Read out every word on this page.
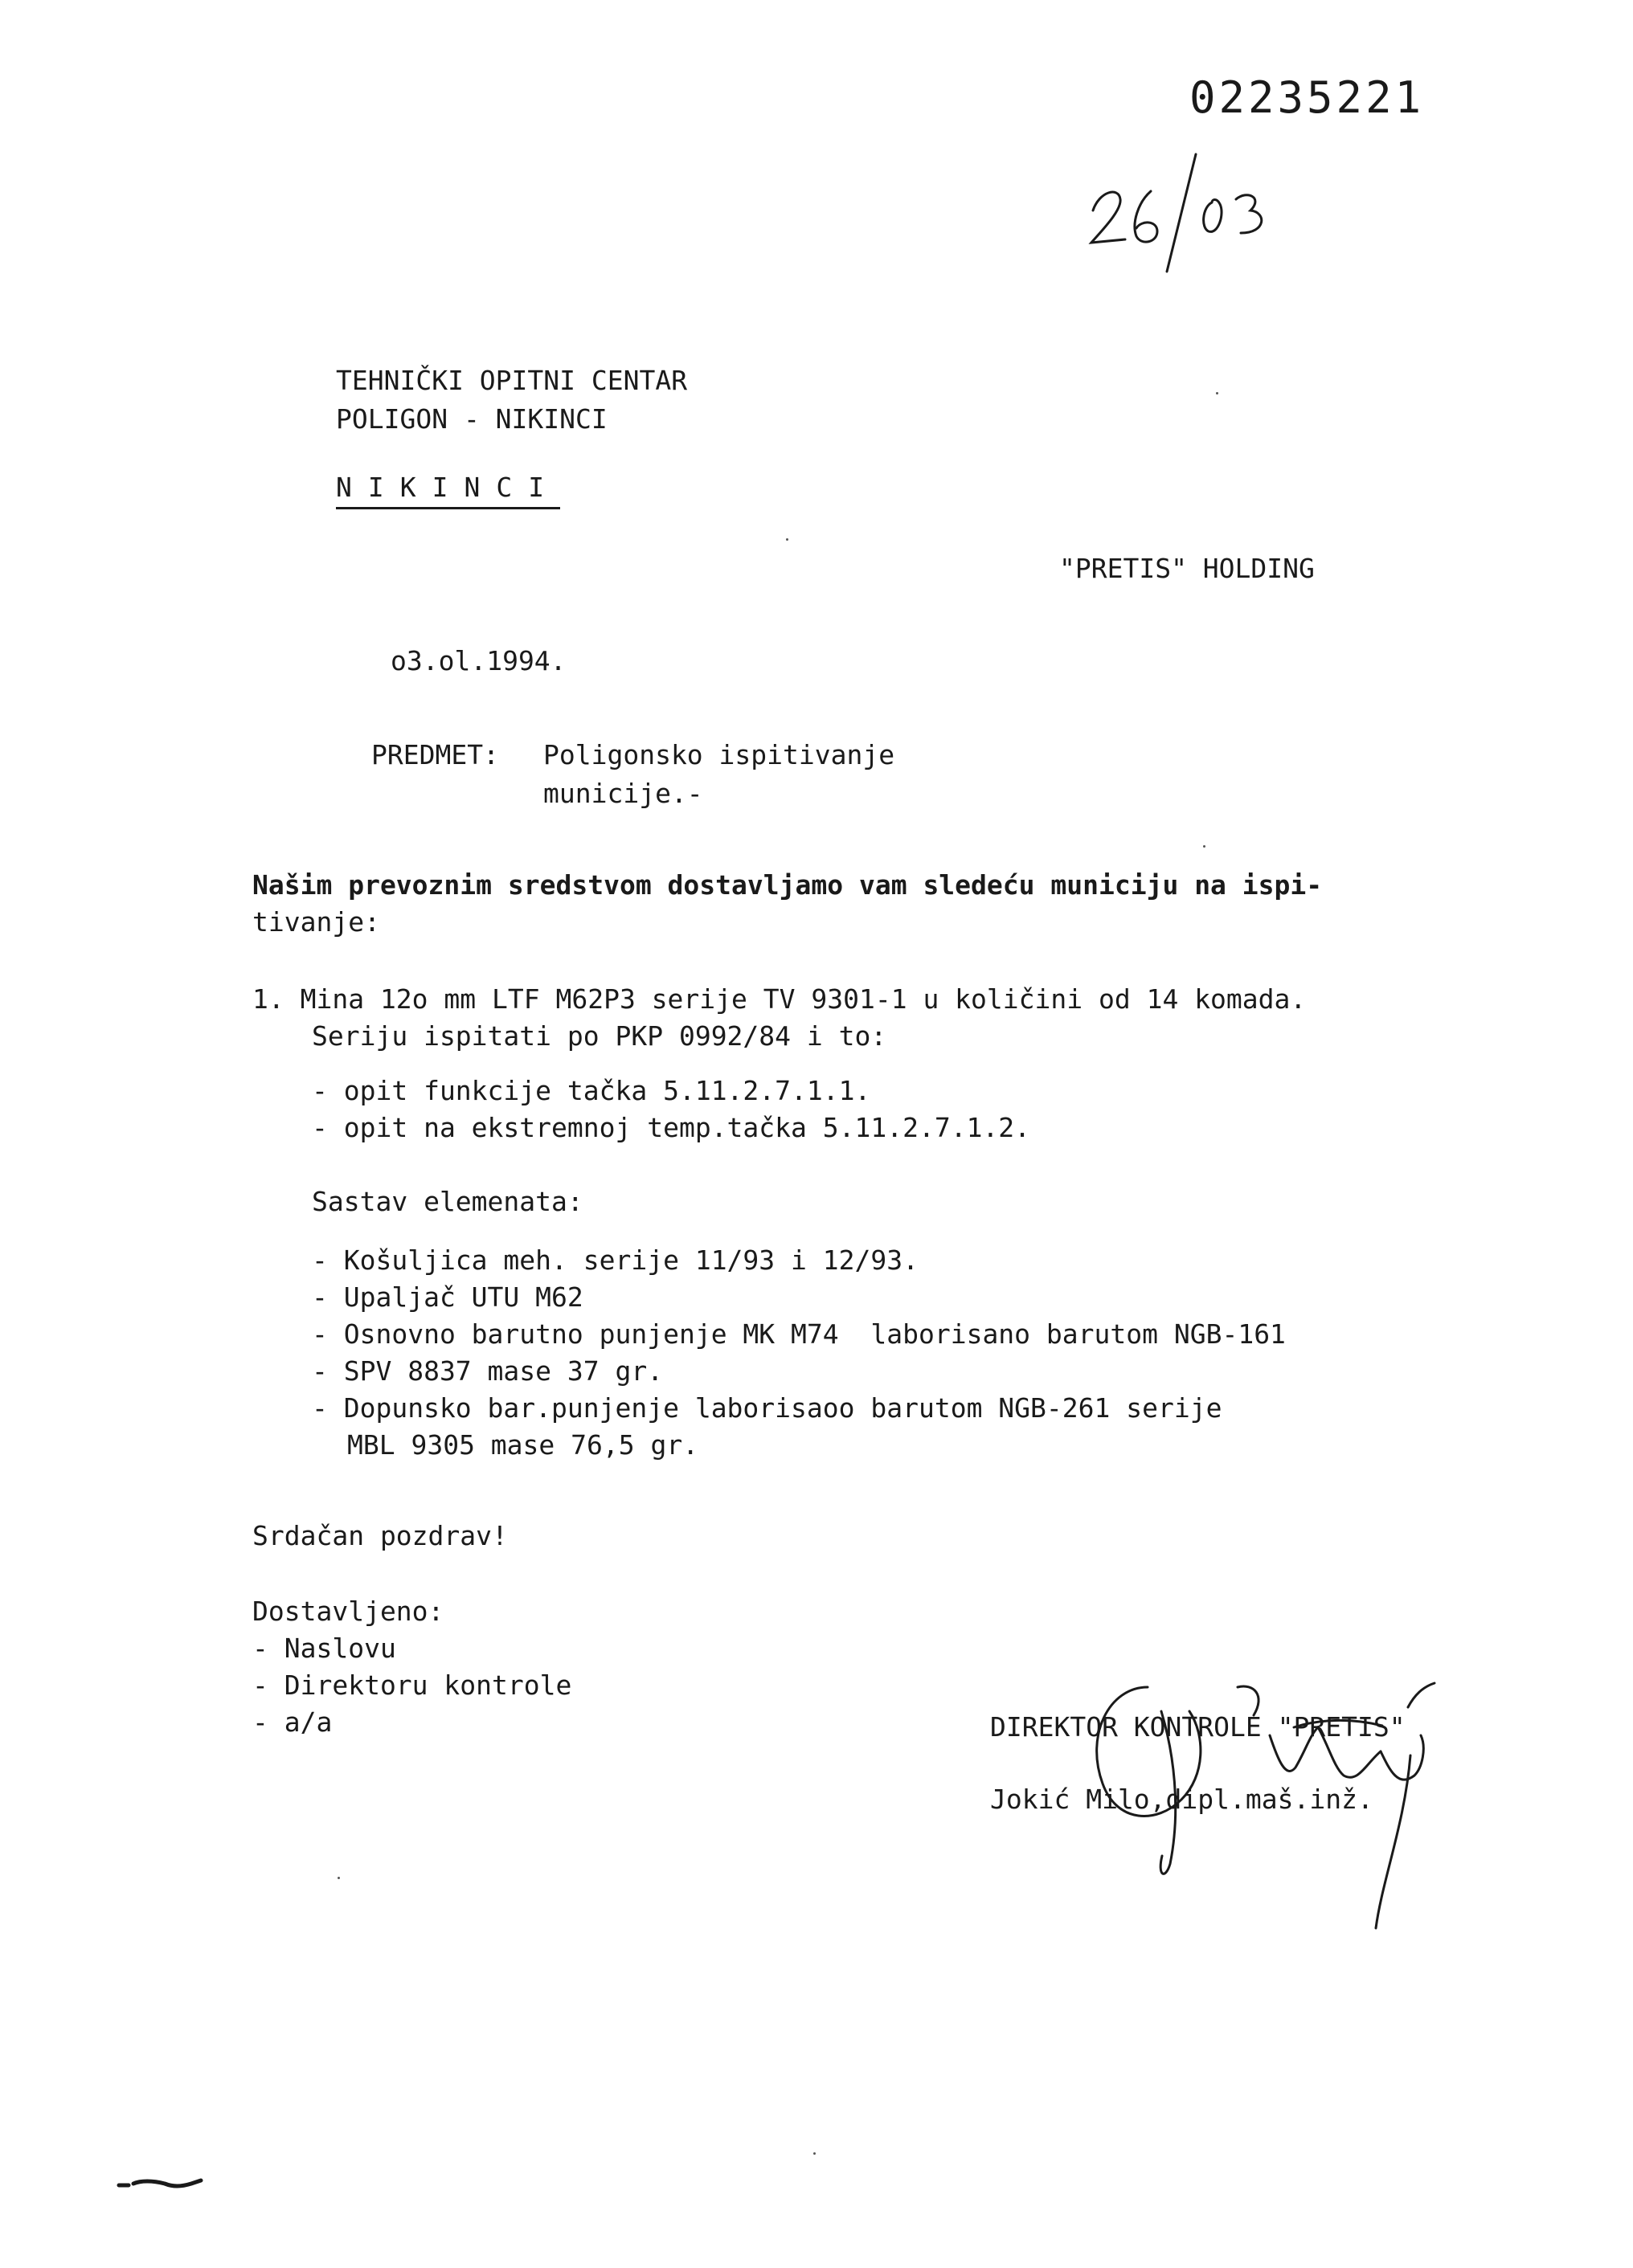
02235221
TEHNIČKI OPITNI CENTAR
POLIGON - NIKINCI
NIKINCI
"PRETIS" HOLDING
o3.ol.1994.
PREDMET: Poligonsko ispitivanje
municije.-
Našim prevoznim sredstvom dostavljamo vam sledeću municiju na ispi-
tivanje:
1. Mina 12o mm LTF M62P3 serije TV 9301-1 u količini od 14 komada.
Seriju ispitati po PKP 0992/84 i to:
- opit funkcije tačka 5.11.2.7.1.1.
- opit na ekstremnoj temp.tačka 5.11.2.7.1.2.
Sastav elemenata:
- Košuljica meh. serije 11/93 i 12/93.
- Upaljač UTU M62
- Osnovno barutno punjenje MK M74  laborisano barutom NGB-161
- SPV 8837 mase 37 gr.
- Dopunsko bar.punjenje laborisaoo barutom NGB-261 serije
MBL 9305 mase 76,5 gr.
Srdačan pozdrav!
Dostavljeno:
- Naslovu
- Direktoru kontrole
- a/a	DIREKTOR KONTROLE "PRETIS"
Jokić Milo,dipl.maš.inž.
